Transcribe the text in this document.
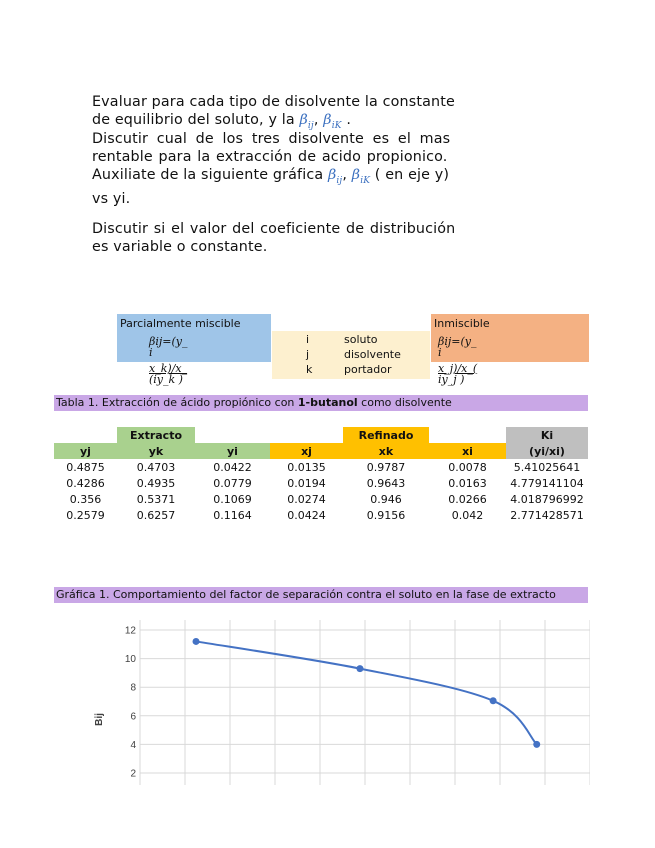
Evaluar para cada tipo de disolvente la constante
de equilibrio del soluto, y la $\beta_{ij}$, $\beta_{iK}$ .
Discutir cual de los tres disolvente es el mas
rentable para la extracción de acido propionico.
Auxiliate de la siguiente gráfica $\beta_{ij}$, $\beta_{iK}$ ( en eje y)
vs yi.
Discutir si el valor del coeficiente de distribución
es variable o constante.
Parcialmente miscible
βij=(y_
i
x_k)/x_
(iy_k )
i	soluto
j	disolvente
k	portador
Inmiscible
βij=(y_
i
x_j)/x_(
iy_j )
Tabla 1. Extracción de ácido propiónico con 1-butanol como disolvente
	Extracto			Refinado		Ki
yj	yk	yi	xj	xk	xi	(yi/xi)
0.4875	0.4703	0.0422	0.0135	0.9787	0.0078	5.41025641
0.4286	0.4935	0.0779	0.0194	0.9643	0.0163	4.779141104
0.356	0.5371	0.1069	0.0274	0.946	0.0266	4.018796992
0.2579	0.6257	0.1164	0.0424	0.9156	0.042	2.771428571
Gráfica 1. Comportamiento del factor de separación contra el soluto en la fase de extracto
2
4
6
8
10
12
Bij
